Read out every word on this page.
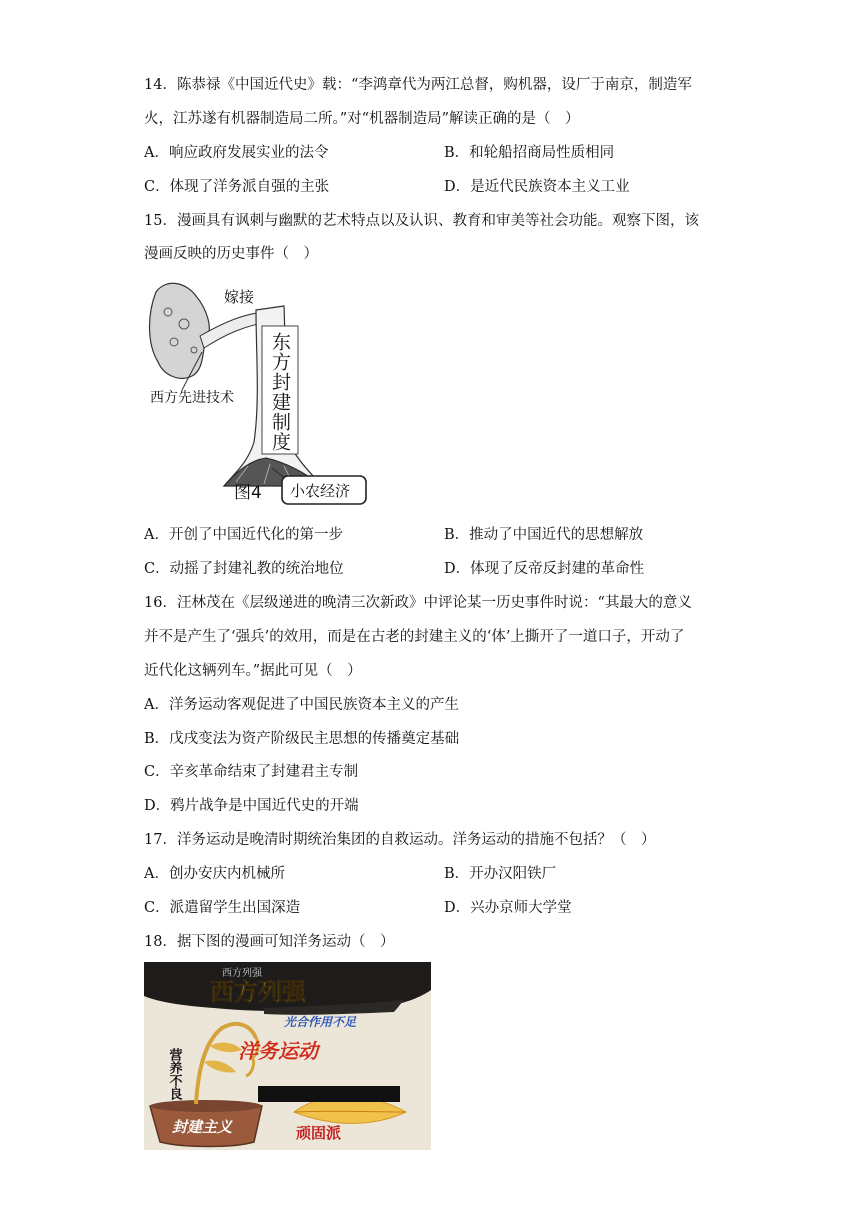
14．陈恭禄《中国近代史》载：“李鸿章代为两江总督，购机器，设厂于南京，制造军
火，江苏遂有机器制造局二所。”对“机器制造局”解读正确的是（　）
A．响应政府发展实业的法令	B．和轮船招商局性质相同
C．体现了洋务派自强的主张	D．是近代民族资本主义工业
15．漫画具有讽刺与幽默的艺术特点以及认识、教育和审美等社会功能。观察下图，该
漫画反映的历史事件（　）
嫁接
东方封建制度
西方先进技术
图4 小农经济
A．开创了中国近代化的第一步	B．推动了中国近代的思想解放
C．动摇了封建礼教的统治地位	D．体现了反帝反封建的革命性
16．汪林茂在《层级递进的晚清三次新政》中评论某一历史事件时说：“其最大的意义
并不是产生了‘强兵’的效用，而是在古老的封建主义的‘体’上撕开了一道口子，开动了
近代化这辆列车。”据此可见（　）
A．洋务运动客观促进了中国民族资本主义的产生
B．戊戌变法为资产阶级民主思想的传播奠定基础
C．辛亥革命结束了封建君主专制
D．鸦片战争是中国近代史的开端
17．洋务运动是晚清时期统治集团的自救运动。洋务运动的措施不包括？（　）
A．创办安庆内机械所	B．开办汉阳铁厂
C．派遣留学生出国深造	D．兴办京师大学堂
18．据下图的漫画可知洋务运动（　）
西方列强
西方列强
光合作用不足
营养不良	洋务运动
顽固派
封建主义
